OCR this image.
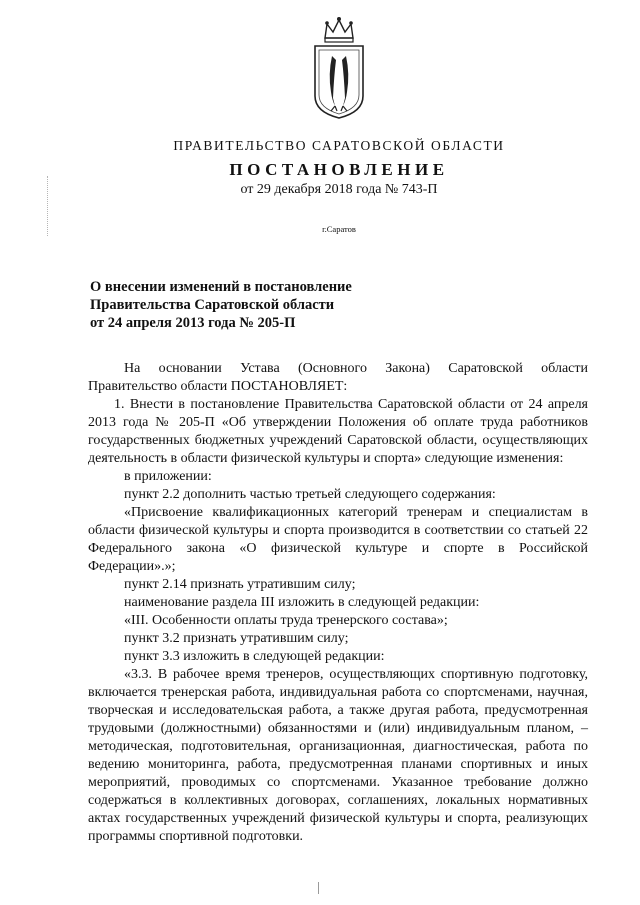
ПРАВИТЕЛЬСТВО САРАТОВСКОЙ ОБЛАСТИ
ПОСТАНОВЛЕНИЕ
от 29 декабря 2018 года № 743-П
г.Саратов
О внесении изменений в постановление
Правительства Саратовской области
от 24 апреля 2013 года № 205-П
На основании Устава (Основного Закона) Саратовской области Правительство области ПОСТАНОВЛЯЕТ:
1. Внести в постановление Правительства Саратовской области от 24 апреля 2013 года № 205-П «Об утверждении Положения об оплате труда работников государственных бюджетных учреждений Саратовской области, осуществляющих деятельность в области физической культуры и спорта» следующие изменения:
в приложении:
пункт 2.2 дополнить частью третьей следующего содержания:
«Присвоение квалификационных категорий тренерам и специалистам в области физической культуры и спорта производится в соответствии со статьей 22 Федерального закона «О физической культуре и спорте в Российской Федерации».»;
пункт 2.14 признать утратившим силу;
наименование раздела III изложить в следующей редакции:
«III. Особенности оплаты труда тренерского состава»;
пункт 3.2 признать утратившим силу;
пункт 3.3 изложить в следующей редакции:
«3.3. В рабочее время тренеров, осуществляющих спортивную подготовку, включается тренерская работа, индивидуальная работа со спортсменами, научная, творческая и исследовательская работа, а также другая работа, предусмотренная трудовыми (должностными) обязанностями и (или) индивидуальным планом, – методическая, подготовительная, организационная, диагностическая, работа по ведению мониторинга, работа, предусмотренная планами спортивных и иных мероприятий, проводимых со спортсменами. Указанное требование должно содержаться в коллективных договорах, соглашениях, локальных нормативных актах государственных учреждений физической культуры и спорта, реализующих программы спортивной подготовки.
